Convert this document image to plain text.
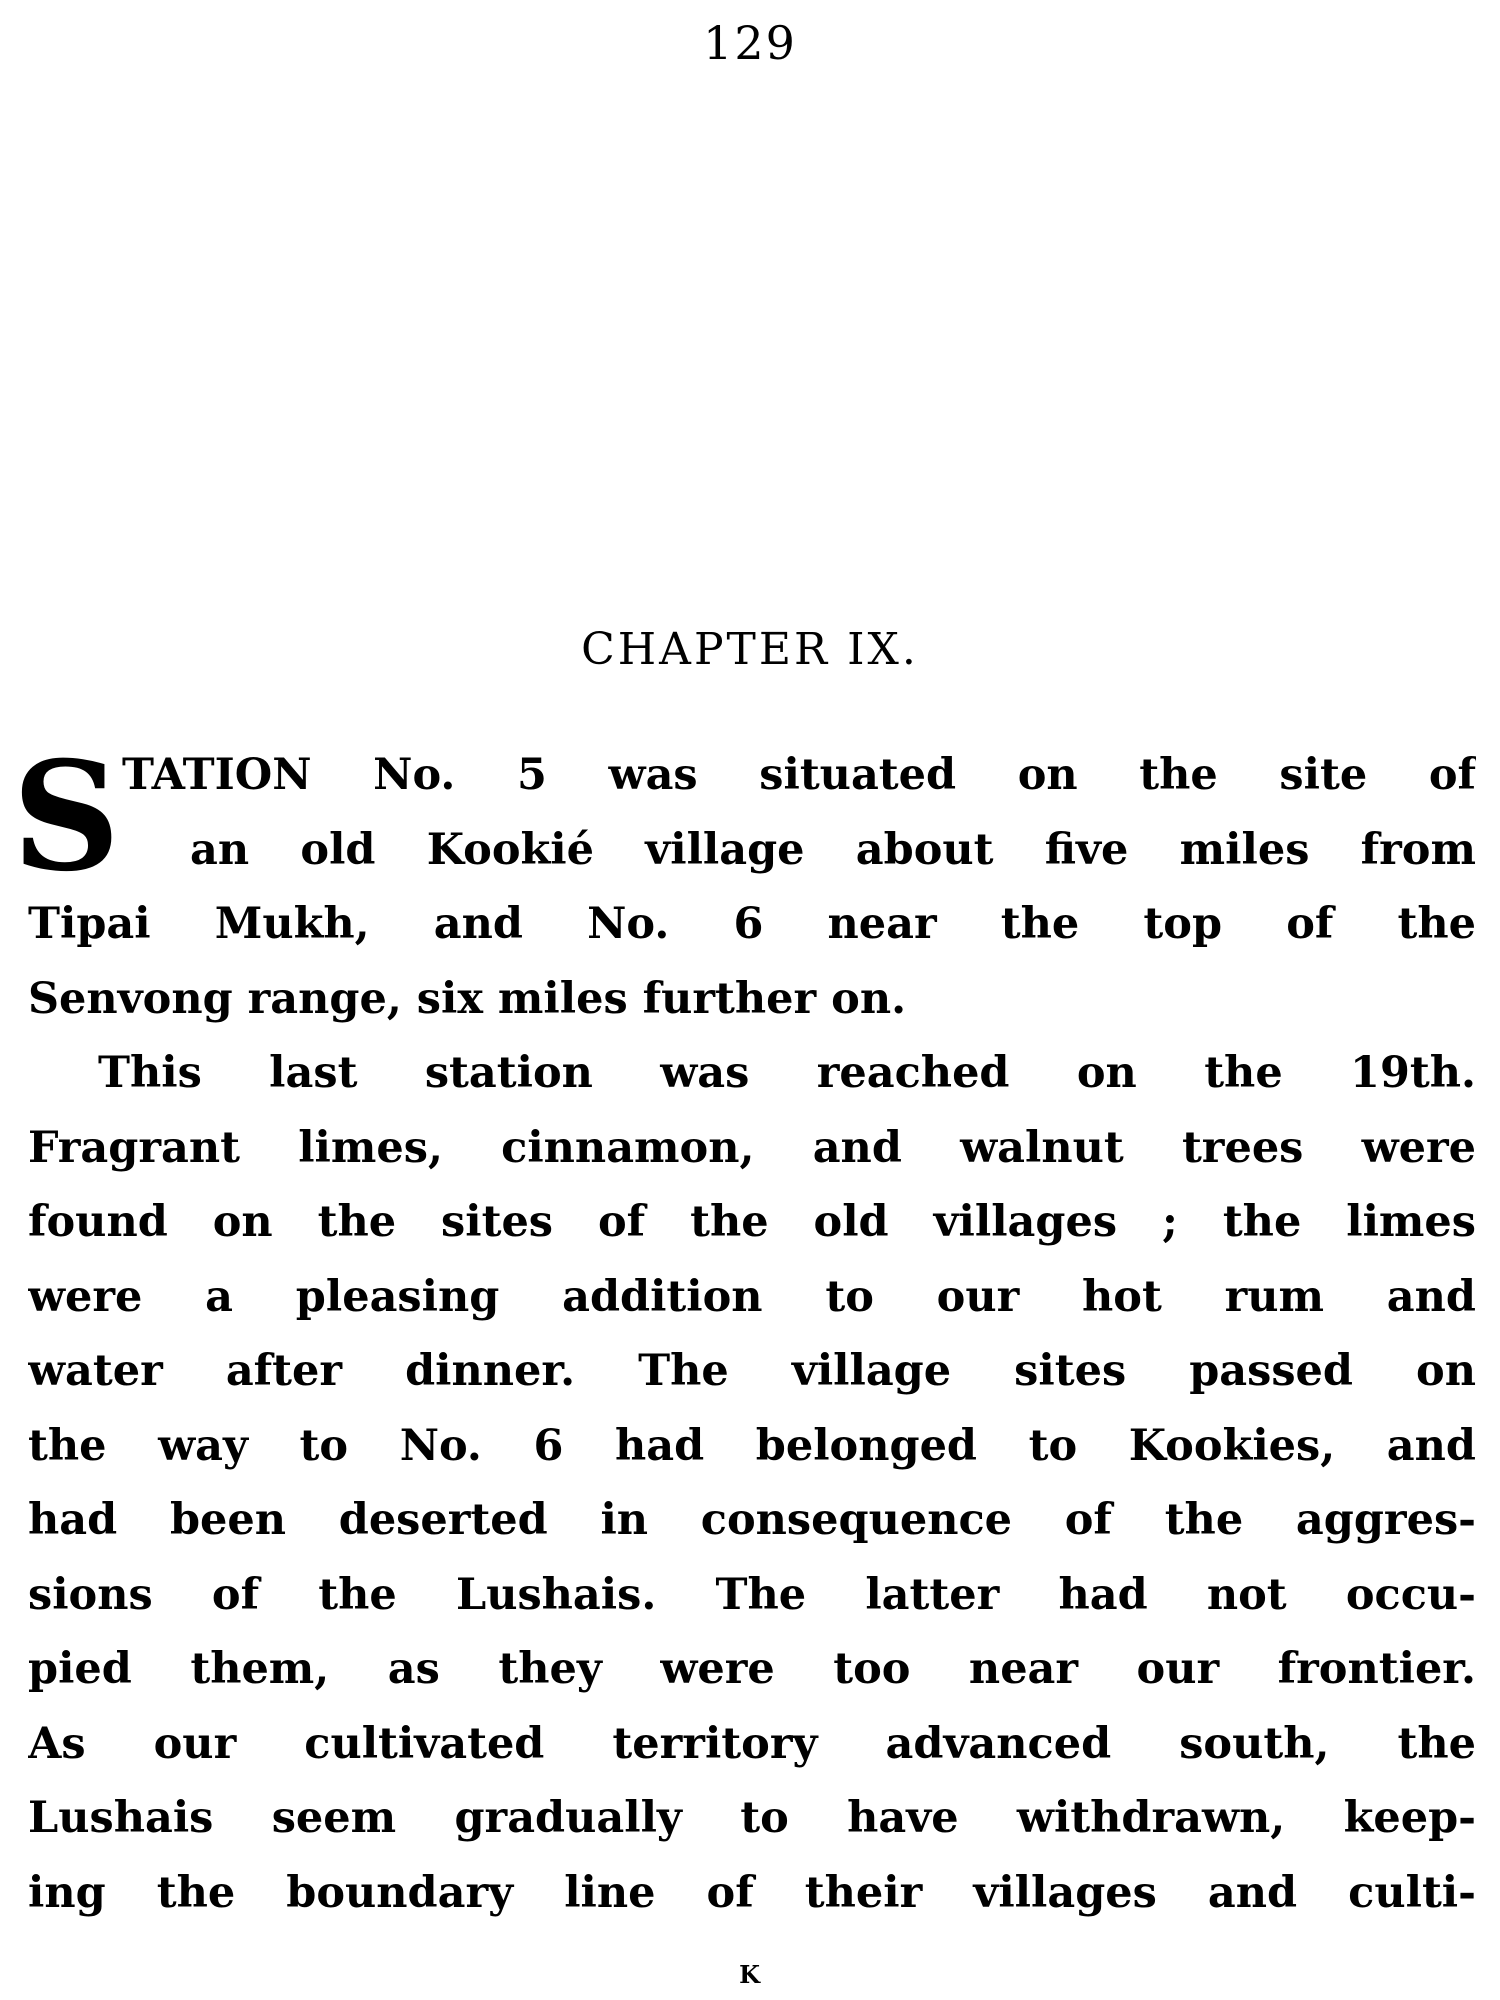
129
CHAPTER IX.
S TATION No. 5 was situated on the site of
an old Kookié village about five miles from
Tipai Mukh, and No. 6 near the top of the
Senvong range, six miles further on.
This last station was reached on the 19th.
Fragrant limes, cinnamon, and walnut trees were
found on the sites of the old villages ; the limes
were a pleasing addition to our hot rum and
water after dinner. The village sites passed on
the way to No. 6 had belonged to Kookies, and
had been deserted in consequence of the aggres-
sions of the Lushais. The latter had not occu-
pied them, as they were too near our frontier.
As our cultivated territory advanced south, the
Lushais seem gradually to have withdrawn, keep-
ing the boundary line of their villages and culti-
K
